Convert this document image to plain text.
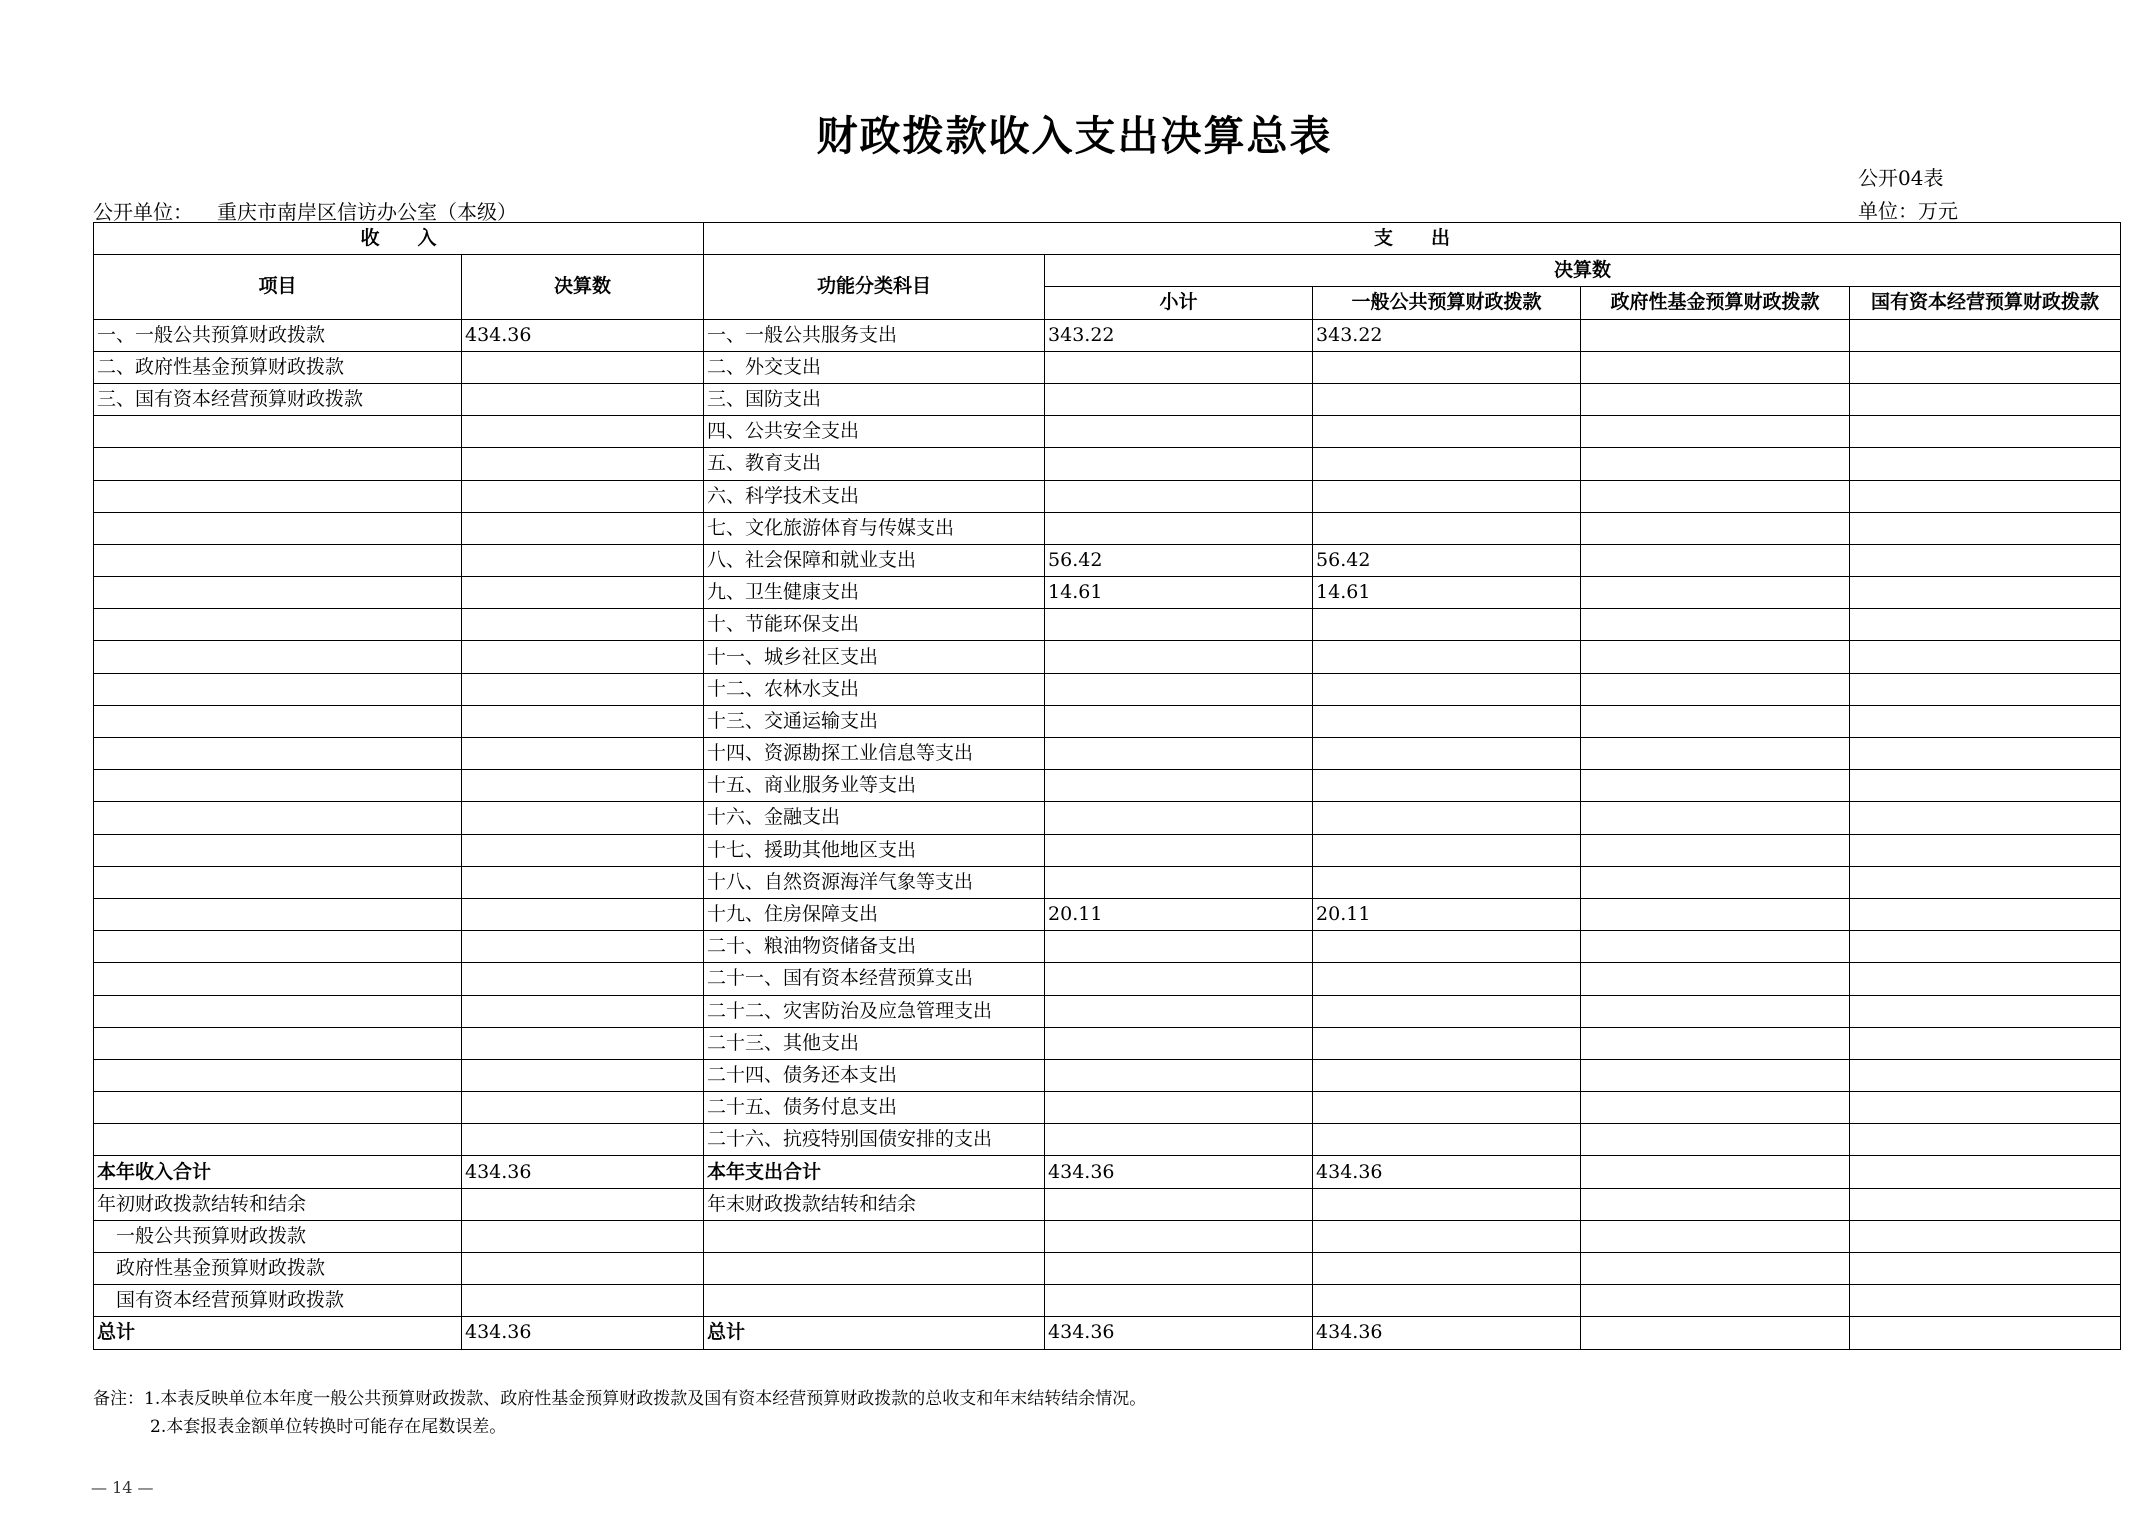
财政拨款收入支出决算总表
公开04表
公开单位： 重庆市南岸区信访办公室（本级）	单位：万元
收　　入		支　　出				
项目	决算数	功能分类科目	决算数			
			小计	一般公共预算财政拨款	政府性基金预算财政拨款	国有资本经营预算财政拨款
一、一般公共预算财政拨款	434.36	一、一般公共服务支出	343.22	343.22		
二、政府性基金预算财政拨款		二、外交支出				
三、国有资本经营预算财政拨款		三、国防支出				
		四、公共安全支出				
		五、教育支出				
		六、科学技术支出				
		七、文化旅游体育与传媒支出				
		八、社会保障和就业支出	56.42	56.42		
		九、卫生健康支出	14.61	14.61		
		十、节能环保支出				
		十一、城乡社区支出				
		十二、农林水支出				
		十三、交通运输支出				
		十四、资源勘探工业信息等支出				
		十五、商业服务业等支出				
		十六、金融支出				
		十七、援助其他地区支出				
		十八、自然资源海洋气象等支出				
		十九、住房保障支出	20.11	20.11		
		二十、粮油物资储备支出				
		二十一、国有资本经营预算支出				
		二十二、灾害防治及应急管理支出				
		二十三、其他支出				
		二十四、债务还本支出				
		二十五、债务付息支出				
		二十六、抗疫特别国债安排的支出				
本年收入合计	434.36	本年支出合计	434.36	434.36		
年初财政拨款结转和结余		年末财政拨款结转和结余				
一般公共预算财政拨款						
政府性基金预算财政拨款						
国有资本经营预算财政拨款						
总计	434.36	总计	434.36	434.36		
备注：1.本表反映单位本年度一般公共预算财政拨款、政府性基金预算财政拨款及国有资本经营预算财政拨款的总收支和年末结转结余情况。
2.本套报表金额单位转换时可能存在尾数误差。
— 14 —
